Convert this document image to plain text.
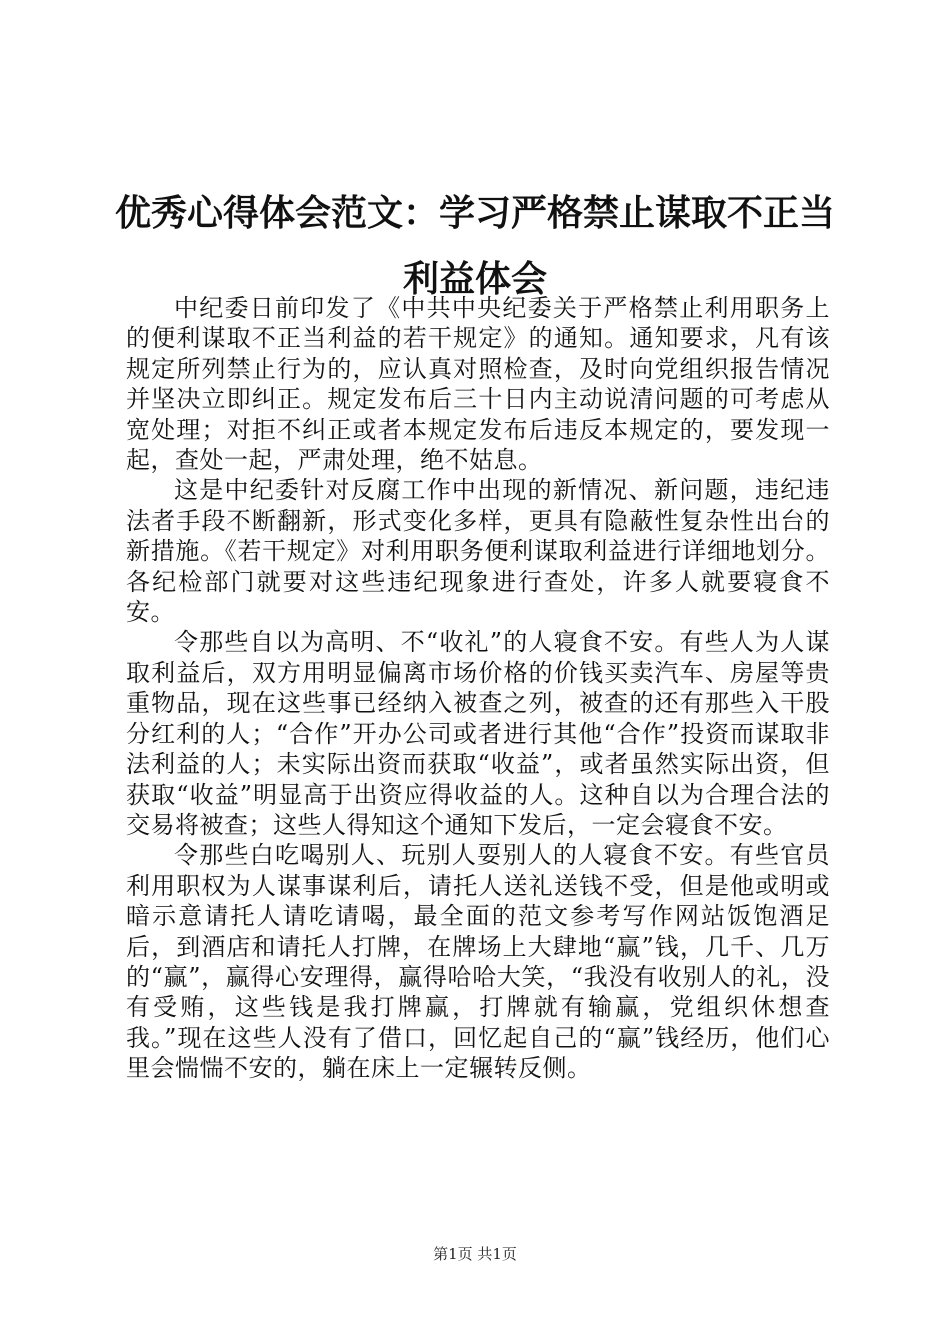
优秀心得体会范文：学习严格禁止谋取不正当利益体会

中纪委日前印发了《中共中央纪委关于严格禁止利用职务上的便利谋取不正当利益的若干规定》的通知。通知要求，凡有该规定所列禁止行为的，应认真对照检查，及时向党组织报告情况并坚决立即纠正。规定发布后三十日内主动说清问题的可考虑从宽处理；对拒不纠正或者本规定发布后违反本规定的，要发现一起，查处一起，严肃处理，绝不姑息。

这是中纪委针对反腐工作中出现的新情况、新问题，违纪违法者手段不断翻新，形式变化多样，更具有隐蔽性复杂性出台的新措施。《若干规定》对利用职务便利谋取利益进行详细地划分。各纪检部门就要对这些违纪现象进行查处，许多人就要寝食不安。

令那些自以为高明、不“收礼”的人寝食不安。有些人为人谋取利益后，双方用明显偏离市场价格的价钱买卖汽车、房屋等贵重物品，现在这些事已经纳入被查之列，被查的还有那些入干股分红利的人；“合作”开办公司或者进行其他“合作”投资而谋取非法利益的人；未实际出资而获取“收益”，或者虽然实际出资，但获取“收益”明显高于出资应得收益的人。这种自以为合理合法的交易将被查；这些人得知这个通知下发后，一定会寝食不安。

令那些白吃喝别人、玩别人耍别人的人寝食不安。有些官员利用职权为人谋事谋利后，请托人送礼送钱不受，但是他或明或暗示意请托人请吃请喝，最全面的范文参考写作网站饭饱酒足后，到酒店和请托人打牌，在牌场上大肆地“赢”钱，几千、几万的“赢”，赢得心安理得，赢得哈哈大笑，“我没有收别人的礼，没有受贿，这些钱是我打牌赢，打牌就有输赢，党组织休想查我。”现在这些人没有了借口，回忆起自己的“赢”钱经历，他们心里会惴惴不安的，躺在床上一定辗转反侧。

第1页 共1页
